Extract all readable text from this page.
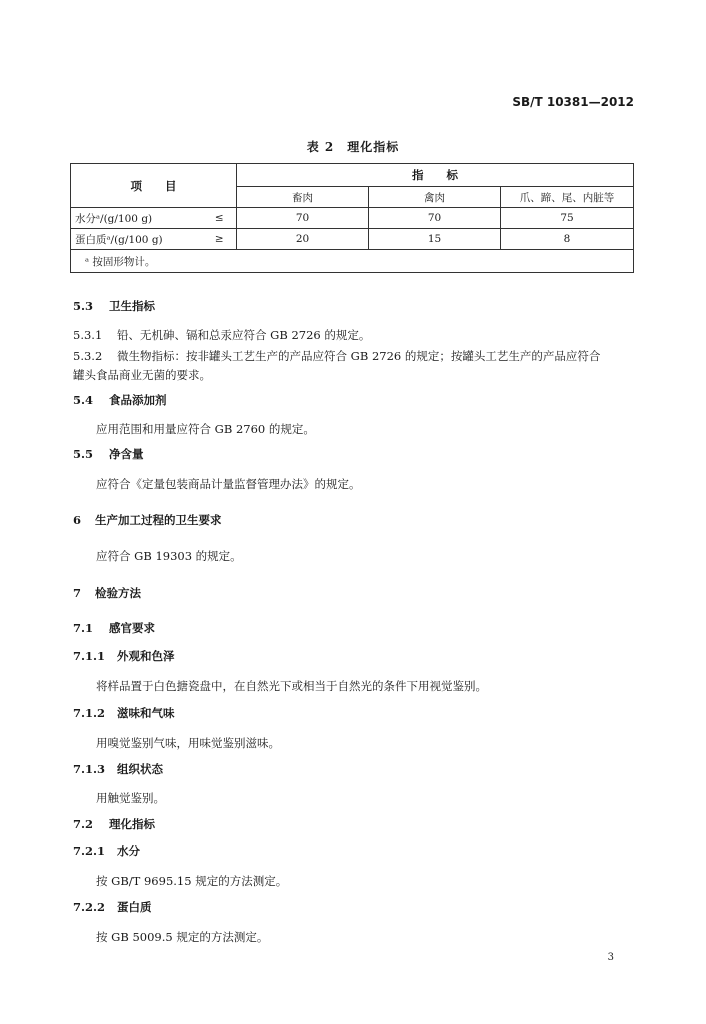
SB/T 10381—2012
表 2　理化指标
项　　目		指　　标		
		畜肉	禽肉	爪、蹄、尾、内脏等
水分ᵃ/(g/100 g)	≤	70	70	75
蛋白质ᵃ/(g/100 g)	≥	20	15	8
ᵃ 按固形物计。				
5.3 卫生指标
5.3.1 铅、无机砷、镉和总汞应符合 GB 2726 的规定。
5.3.2 微生物指标：按非罐头工艺生产的产品应符合 GB 2726 的规定；按罐头工艺生产的产品应符合
罐头食品商业无菌的要求。
5.4 食品添加剂
应用范围和用量应符合 GB 2760 的规定。
5.5 净含量
应符合《定量包装商品计量监督管理办法》的规定。
6 生产加工过程的卫生要求
应符合 GB 19303 的规定。
7 检验方法
7.1 感官要求
7.1.1 外观和色泽
将样品置于白色搪瓷盘中，在自然光下或相当于自然光的条件下用视觉鉴别。
7.1.2 滋味和气味
用嗅觉鉴别气味，用味觉鉴别滋味。
7.1.3 组织状态
用触觉鉴别。
7.2 理化指标
7.2.1 水分
按 GB/T 9695.15 规定的方法测定。
7.2.2 蛋白质
按 GB 5009.5 规定的方法测定。
3
